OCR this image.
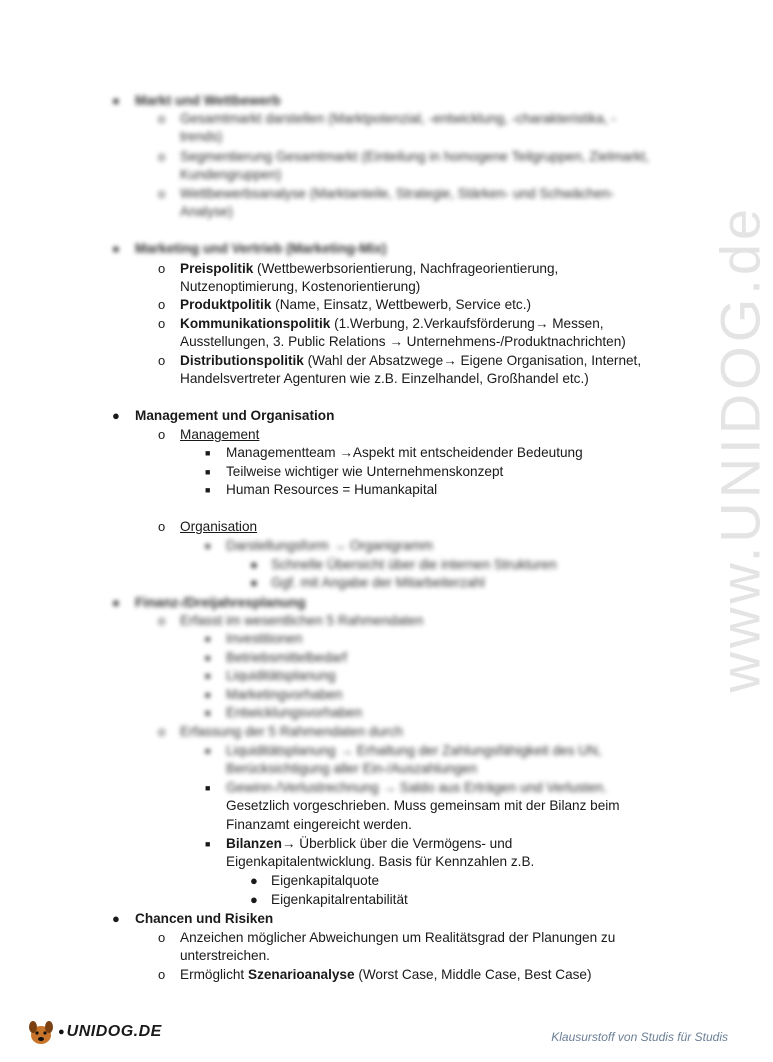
www.UNIDOG.de
● Markt und Wettbewerb
o Gesamtmarkt darstellen (Marktpotenzial, -entwicklung, -charakteristika, -
trends)
o Segmentierung Gesamtmarkt (Einteilung in homogene Teilgruppen, Zielmarkt,
Kundengruppen)
o Wettbewerbsanalyse (Marktanteile, Strategie, Stärken- und Schwächen-
Analyse)
● Marketing und Vertrieb (Marketing-Mix)
o Preispolitik (Wettbewerbsorientierung, Nachfrageorientierung,
Nutzenoptimierung, Kostenorientierung)
o Produktpolitik (Name, Einsatz, Wettbewerb, Service etc.)
o Kommunikationspolitik (1.Werbung, 2.Verkaufsförderung→ Messen,
Ausstellungen, 3. Public Relations → Unternehmens-/Produktnachrichten)
o Distributionspolitik (Wahl der Absatzwege→ Eigene Organisation, Internet,
Handelsvertreter Agenturen wie z.B. Einzelhandel, Großhandel etc.)
● Management und Organisation
o Management
■ Managementteam →Aspekt mit entscheidender Bedeutung
■ Teilweise wichtiger wie Unternehmenskonzept
■ Human Resources = Humankapital
o Organisation
■ Darstellungsform → Organigramm
● Schnelle Übersicht über die internen Strukturen
● Ggf. mit Angabe der Mitarbeiterzahl
● Finanz-/Dreijahresplanung
o Erfasst im wesentlichen 5 Rahmendaten
■ Investitionen
■ Betriebsmittelbedarf
■ Liquiditätsplanung
■ Marketingvorhaben
■ Entwicklungsvorhaben
o Erfassung der 5 Rahmendaten durch
■ Liquiditätsplanung → Erhaltung der Zahlungsfähigkeit des UN,
Berücksichtigung aller Ein-/Auszahlungen
■ Gewinn-/Verlustrechnung → Saldo aus Erträgen und Verlusten.
Gesetzlich vorgeschrieben. Muss gemeinsam mit der Bilanz beim
Finanzamt eingereicht werden.
■ Bilanzen→ Überblick über die Vermögens- und
Eigenkapitalentwicklung. Basis für Kennzahlen z.B.
● Eigenkapitalquote
● Eigenkapitalrentabilität
● Chancen und Risiken
o Anzeichen möglicher Abweichungen um Realitätsgrad der Planungen zu
unterstreichen.
o Ermöglicht Szenarioanalyse (Worst Case, Middle Case, Best Case)
● UNIDOG.DE	Klausurstoff von Studis für Studis
